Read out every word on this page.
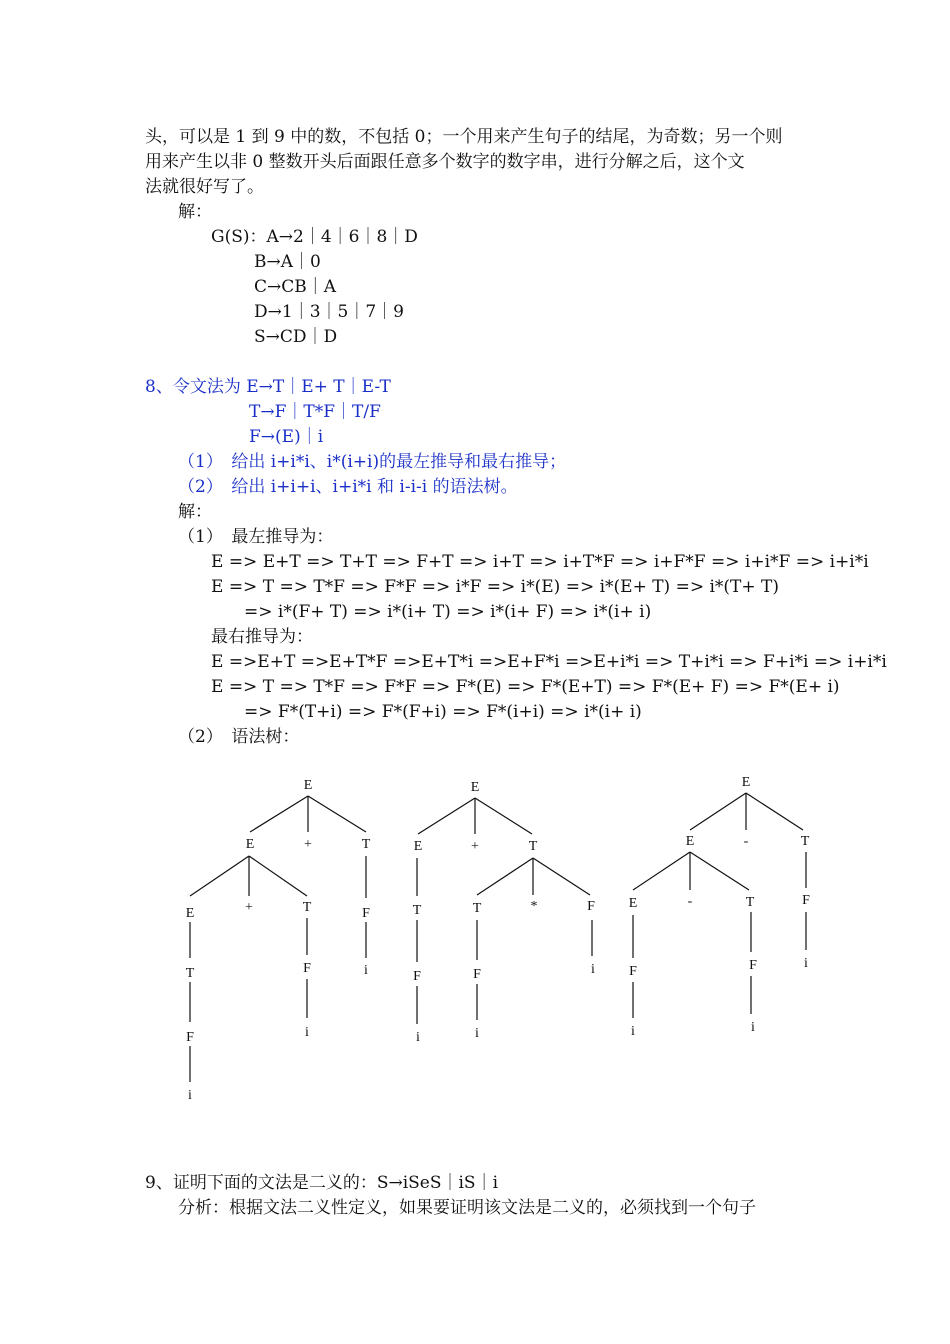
头，可以是 1 到 9 中的数，不包括 0；一个用来产生句子的结尾，为奇数；另一个则
用来产生以非 0 整数开头后面跟任意多个数字的数字串，进行分解之后，这个文
法就很好写了。
解：
G(S)：A→2｜4｜6｜8｜D
B→A｜0
C→CB｜A
D→1｜3｜5｜7｜9
S→CD｜D
8、令文法为 E→T｜E+ T｜E-T
T→F｜T*F｜T/F
F→(E)｜i
（1）　给出 i+i*i、i*(i+i)的最左推导和最右推导；
（2）　给出 i+i+i、i+i*i 和 i-i-i 的语法树。
解：
（1）　最左推导为：
E => E+T => T+T => F+T => i+T => i+T*F => i+F*F => i+i*F => i+i*i
E => T => T*F => F*F => i*F => i*(E) => i*(E+ T) => i*(T+ T)
=> i*(F+ T) => i*(i+ T) => i*(i+ F) => i*(i+ i)
最右推导为：
E =>E+T =>E+T*F =>E+T*i =>E+F*i =>E+i*i => T+i*i => F+i*i => i+i*i
E => T => T*F => F*F => F*(E) => F*(E+T) => F*(E+ F) => F*(E+ i)
=> F*(T+i) => F*(F+i) => F*(i+i) => i*(i+ i)
（2）　语法树：
E
E	+	T
E	+	T	F
i
T
F
i
F
i
E
E	+	T
T
F
i
T	*	F
F
i
i
E
E	-	T
E	-	T	F
i
F
i
F
i
9、证明下面的文法是二义的：S→iSeS｜iS｜i
分析：根据文法二义性定义，如果要证明该文法是二义的，必须找到一个句子
